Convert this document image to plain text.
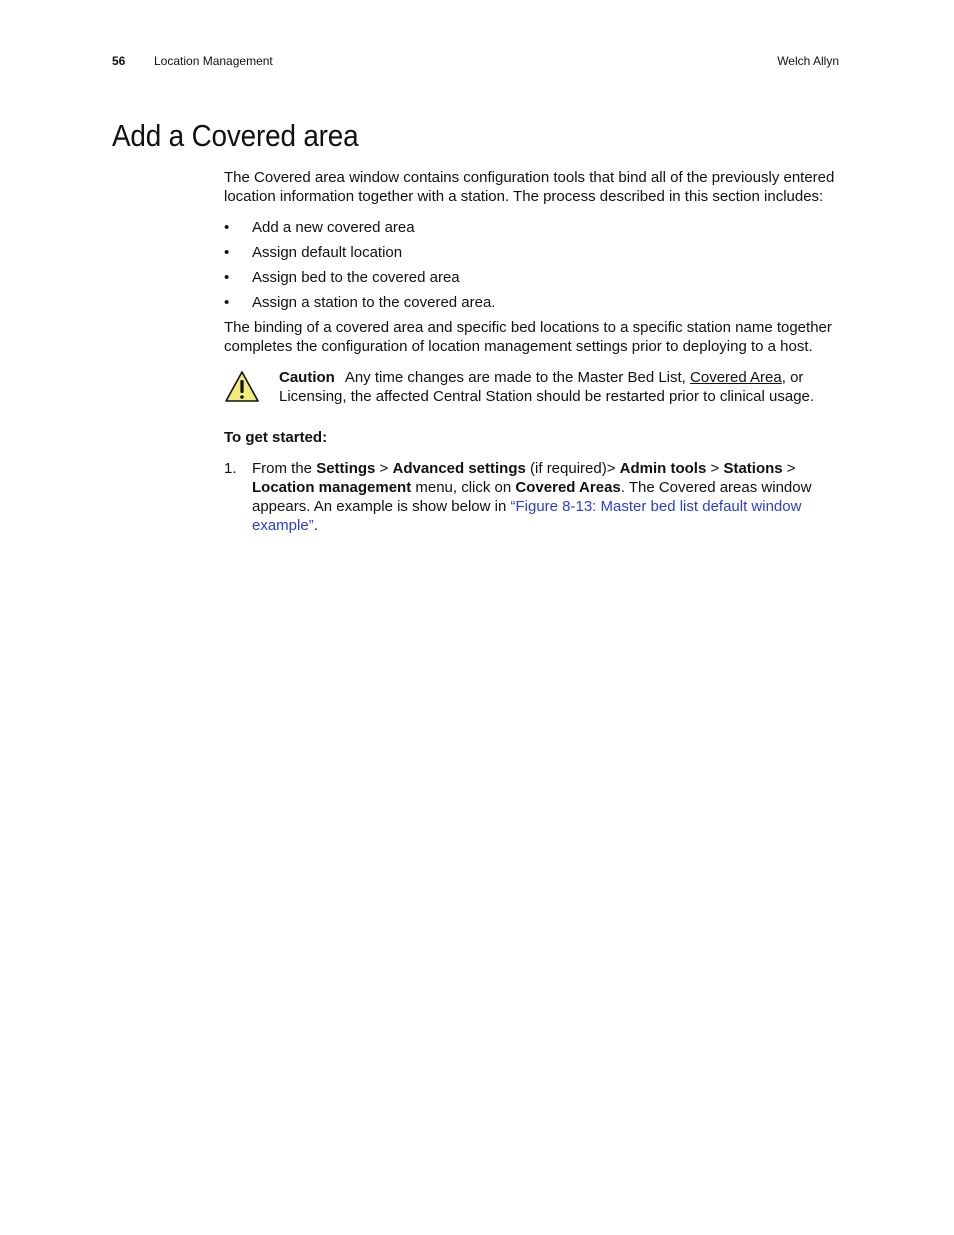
56 Location Management	Welch Allyn
Add a Covered area

The Covered area window contains configuration tools that bind all of the previously entered location information together with a station. The process described in this section includes:

• Add a new covered area
• Assign default location
• Assign bed to the covered area
• Assign a station to the covered area.

The binding of a covered area and specific bed locations to a specific station name together completes the configuration of location management settings prior to deploying to a host.

Caution Any time changes are made to the Master Bed List, Covered Area, or Licensing, the affected Central Station should be restarted prior to clinical usage.

To get started:

1. From the Settings > Advanced settings (if required)> Admin tools > Stations > Location management menu, click on Covered Areas. The Covered areas window appears. An example is show below in “Figure 8-13: Master bed list default window example”.
